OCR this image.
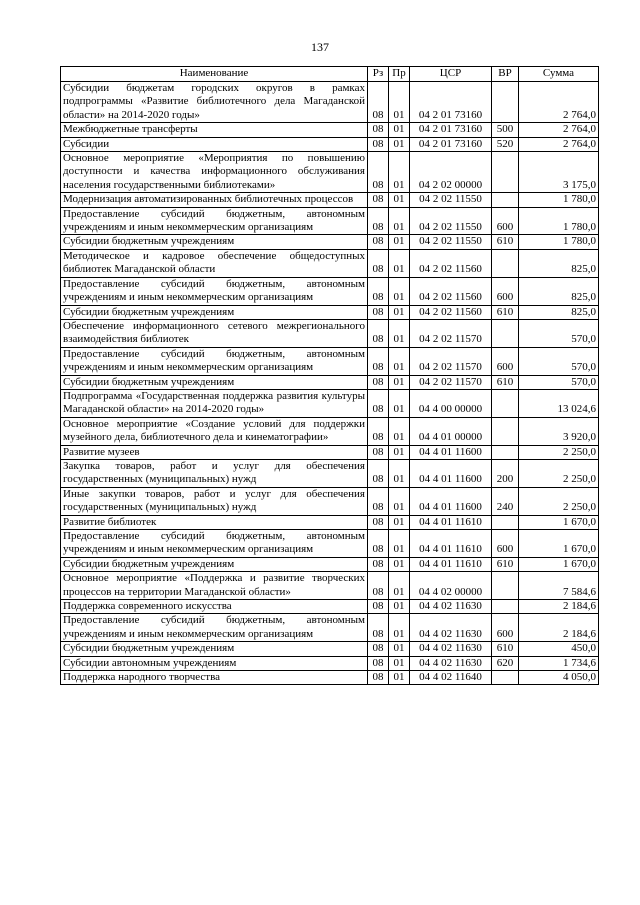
137
Наименование	Рз	Пр	ЦСР	ВР	Сумма
Субсидии бюджетам городских округов в рамках подпрограммы «Развитие библиотечного дела Магаданской области» на 2014-2020 годы»	08	01	04 2 01 73160		2 764,0
Межбюджетные трансферты	08	01	04 2 01 73160	500	2 764,0
Субсидии	08	01	04 2 01 73160	520	2 764,0
Основное мероприятие «Мероприятия по повышению доступности и качества информационного обслуживания населения государственными библиотеками»	08	01	04 2 02 00000		3 175,0
Модернизация автоматизированных библиотечных процессов	08	01	04 2 02 11550		1 780,0
Предоставление субсидий бюджетным, автономным учреждениям и иным некоммерческим организациям	08	01	04 2 02 11550	600	1 780,0
Субсидии бюджетным учреждениям	08	01	04 2 02 11550	610	1 780,0
Методическое и кадровое обеспечение общедоступных библиотек Магаданской области	08	01	04 2 02 11560		825,0
Предоставление субсидий бюджетным, автономным учреждениям и иным некоммерческим организациям	08	01	04 2 02 11560	600	825,0
Субсидии бюджетным учреждениям	08	01	04 2 02 11560	610	825,0
Обеспечение информационного сетевого межрегионального взаимодействия библиотек	08	01	04 2 02 11570		570,0
Предоставление субсидий бюджетным, автономным учреждениям и иным некоммерческим организациям	08	01	04 2 02 11570	600	570,0
Субсидии бюджетным учреждениям	08	01	04 2 02 11570	610	570,0
Подпрограмма «Государственная поддержка развития культуры Магаданской области» на 2014-2020 годы»	08	01	04 4 00 00000		13 024,6
Основное мероприятие «Создание условий для поддержки музейного дела, библиотечного дела и кинематографии»	08	01	04 4 01 00000		3 920,0
Развитие музеев	08	01	04 4 01 11600		2 250,0
Закупка товаров, работ и услуг для обеспечения государственных (муниципальных) нужд	08	01	04 4 01 11600	200	2 250,0
Иные закупки товаров, работ и услуг для обеспечения государственных (муниципальных) нужд	08	01	04 4 01 11600	240	2 250,0
Развитие библиотек	08	01	04 4 01 11610		1 670,0
Предоставление субсидий бюджетным, автономным учреждениям и иным некоммерческим организациям	08	01	04 4 01 11610	600	1 670,0
Субсидии бюджетным учреждениям	08	01	04 4 01 11610	610	1 670,0
Основное мероприятие «Поддержка и развитие творческих процессов на территории Магаданской области»	08	01	04 4 02 00000		7 584,6
Поддержка современного искусства	08	01	04 4 02 11630		2 184,6
Предоставление субсидий бюджетным, автономным учреждениям и иным некоммерческим организациям	08	01	04 4 02 11630	600	2 184,6
Субсидии бюджетным учреждениям	08	01	04 4 02 11630	610	450,0
Субсидии автономным учреждениям	08	01	04 4 02 11630	620	1 734,6
Поддержка народного творчества	08	01	04 4 02 11640		4 050,0
